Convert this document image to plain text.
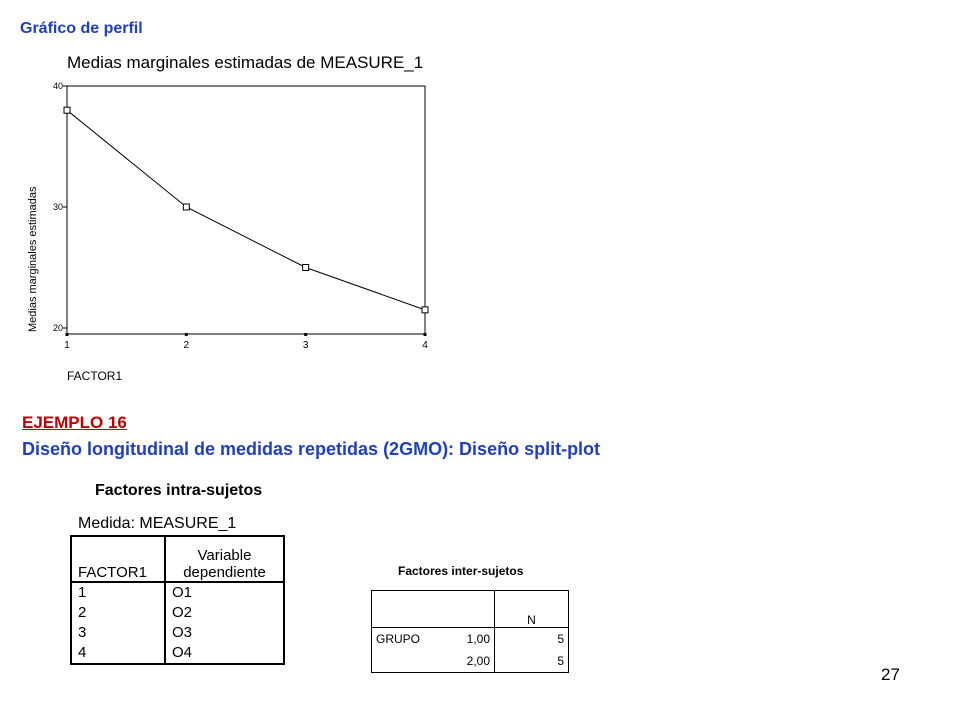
Gráfico de perfil
Medias marginales estimadas de MEASURE_1
40
30
20
1	2	3	4
Medias marginales estimadas
FACTOR1
EJEMPLO 16
Diseño longitudinal de medidas repetidas (2GMO): Diseño split-plot
Factores intra-sujetos
Medida: MEASURE_1
FACTOR1	Variable
dependiente
1	O1
2	O2
3	O3
4	O4
Factores inter-sujetos
		N
GRUPO	1,00	5
	2,00	5
27
